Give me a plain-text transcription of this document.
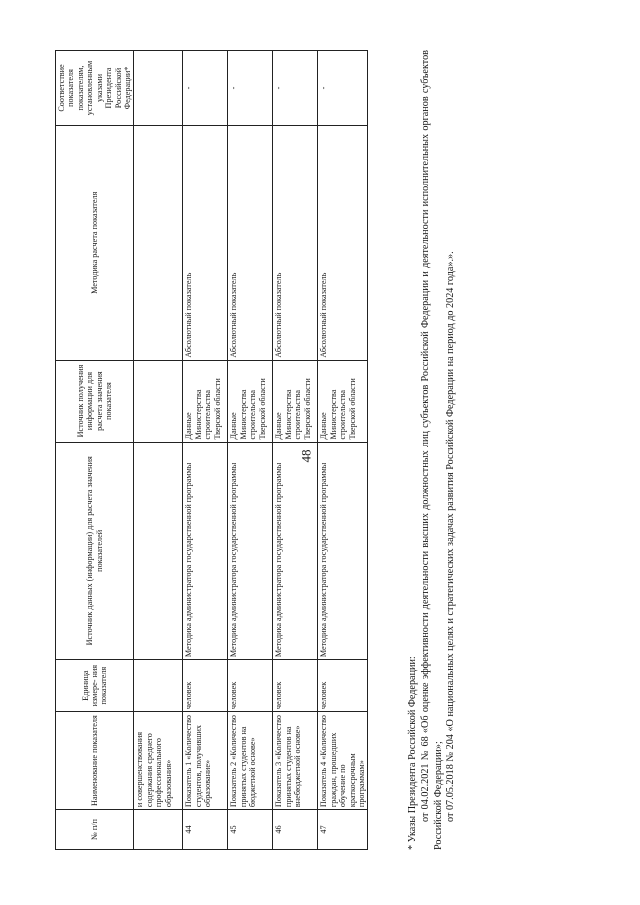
48
№ п/п	Наименование показателя	Единица измере- ния показателя	Источник данных (информации) для расчета значения показателей	Источник получения информации для расчета значения показателя	Методика расчета показателя	Соответствие показателя показателям, установленным указами Президента Российской Федерации*
	и совершенствования содержания среднего профессионального образования»					
44	Показатель 1 «Количество студентов, получивших образование»	человек	Методика администратора государственной программы	Данные Министерства строительства Тверской области	Абсолютный показатель	-
45	Показатель 2 «Количество принятых студентов на бюджетной основе»	человек	Методика администратора государственной программы	Данные Министерства строительства Тверской области	Абсолютный показатель	-
46	Показатель 3 «Количество принятых студентов на внебюджетной основе»	человек	Методика администратора государственной программы	Данные Министерства строительства Тверской области	Абсолютный показатель	-
47	Показатель 4 «Количество граждан, прошедших обучение по краткосрочным программам»	человек	Методика администратора государственной программы	Данные Министерства строительства Тверской области	Абсолютный показатель	-
* Указы Президента Российской Федерации: от 04.02.2021 № 68 «Об оценке эффективности деятельности высших должностных лиц субъектов Российской Федерации и деятельности исполнительных органов субъектов Российской Федерации»; от 07.05.2018 № 204 «О национальных целях и стратегических задачах развития Российской Федерации на период до 2024 года».».
